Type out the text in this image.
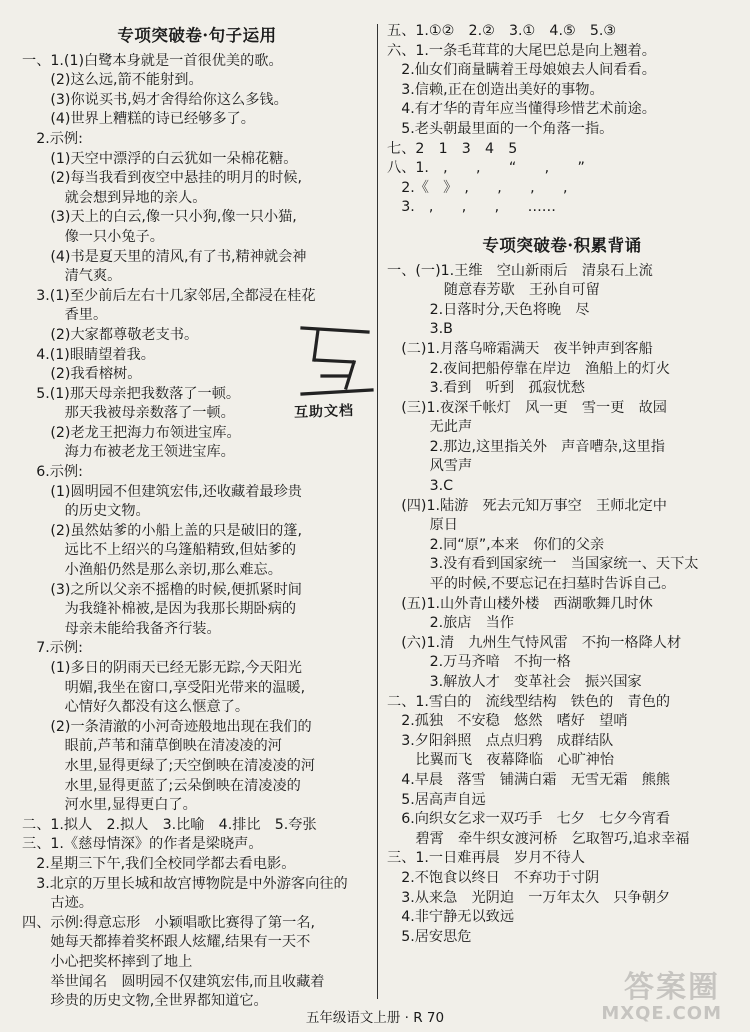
专项突破卷·句子运用
一、1.(1)白鹭本身就是一首很优美的歌。
　　(2)这么远,箭不能射到。
　　(3)你说买书,妈才舍得给你这么多钱。
　　(4)世界上糟糕的诗已经够多了。
　2.示例:
　　(1)天空中漂浮的白云犹如一朵棉花糖。
　　(2)每当我看到夜空中悬挂的明月的时候,
　　　就会想到异地的亲人。
　　(3)天上的白云,像一只小狗,像一只小猫,
　　　像一只小兔子。
　　(4)书是夏天里的清风,有了书,精神就会神
　　　清气爽。
　3.(1)至少前后左右十几家邻居,全都浸在桂花
　　　香里。
　　(2)大家都尊敬老支书。
　4.(1)眼睛望着我。
　　(2)我看榕树。
　5.(1)那天母亲把我数落了一顿。
　　　那天我被母亲数落了一顿。
　　(2)老龙王把海力布领进宝库。
　　　海力布被老龙王领进宝库。
　6.示例:
　　(1)圆明园不但建筑宏伟,还收藏着最珍贵
　　　的历史文物。
　　(2)虽然姑爹的小船上盖的只是破旧的篷,
　　　远比不上绍兴的乌篷船精致,但姑爹的
　　　小渔船仍然是那么亲切,那么难忘。
　　(3)之所以父亲不摇橹的时候,便抓紧时间
　　　为我缝补棉被,是因为我那长期卧病的
　　　母亲未能给我备齐行装。
　7.示例:
　　(1)多日的阴雨天已经无影无踪,今天阳光
　　　明媚,我坐在窗口,享受阳光带来的温暖,
　　　心情好久都没有这么惬意了。
　　(2)一条清澈的小河奇迹般地出现在我们的
　　　眼前,芦苇和蒲草倒映在清凌凌的河
　　　水里,显得更绿了;天空倒映在清凌凌的河
　　　水里,显得更蓝了;云朵倒映在清凌凌的
　　　河水里,显得更白了。
二、1.拟人　2.拟人　3.比喻　4.排比　5.夸张
三、1.《慈母情深》的作者是梁晓声。
　2.星期三下午,我们全校同学都去看电影。
　3.北京的万里长城和故宫博物院是中外游客向往的
　　古迹。
四、示例:得意忘形　小颖唱歌比赛得了第一名,
　　她每天都捧着奖杯跟人炫耀,结果有一天不
　　小心把奖杯摔到了地上
　　举世闻名　圆明园不仅建筑宏伟,而且收藏着
　　珍贵的历史文物,全世界都知道它。
五、1.①②　2.②　3.①　4.⑤　5.③
六、1.一条毛茸茸的大尾巴总是向上翘着。
　2.仙女们商量瞒着王母娘娘去人间看看。
　3.信赖,正在创造出美好的事物。
　4.有才华的青年应当懂得珍惜艺术前途。
　5.老头朝最里面的一个角落一指。
七、2　1　3　4　5
八、1.　,　　,　　“　　,　　”
　2.《　》　,　　,　　,　　,
　3.　,　　,　　,　　……
专项突破卷·积累背诵
一、(一)1.王维　空山新雨后　清泉石上流
　　　　随意春芳歇　王孙自可留
　　　2.日落时分,天色将晚　尽
　　　3.B
　(二)1.月落乌啼霜满天　夜半钟声到客船
　　　2.夜间把船停靠在岸边　渔船上的灯火
　　　3.看到　听到　孤寂忧愁
　(三)1.夜深千帐灯　风一更　雪一更　故园
　　　无此声
　　　2.那边,这里指关外　声音嘈杂,这里指
　　　风雪声
　　　3.C
　(四)1.陆游　死去元知万事空　王师北定中
　　　原日
　　　2.同“原”,本来　你们的父亲
　　　3.没有看到国家统一　当国家统一、天下太
　　　平的时候,不要忘记在扫墓时告诉自己。
　(五)1.山外青山楼外楼　西湖歌舞几时休
　　　2.旅店　当作
　(六)1.清　九州生气恃风雷　不拘一格降人材
　　　2.万马齐喑　不拘一格
　　　3.解放人才　变革社会　振兴国家
二、1.雪白的　流线型结构　铁色的　青色的
　2.孤独　不安稳　悠然　嗜好　望哨
　3.夕阳斜照　点点归鸦　成群结队
　　比翼而飞　夜幕降临　心旷神怡
　4.早晨　落雪　铺满白霜　无雪无霜　熊熊
　5.居高声自远
　6.向织女乞求一双巧手　七夕　七夕今宵看
　　碧霄　牵牛织女渡河桥　乞取智巧,追求幸福
三、1.一日难再晨　岁月不待人
　2.不饱食以终日　不弃功于寸阴
　3.从来急　光阴迫　一万年太久　只争朝夕
　4.非宁静无以致远
　5.居安思危
互助文档
答案圈
MXQE.COM
五年级语文上册 · R 70
